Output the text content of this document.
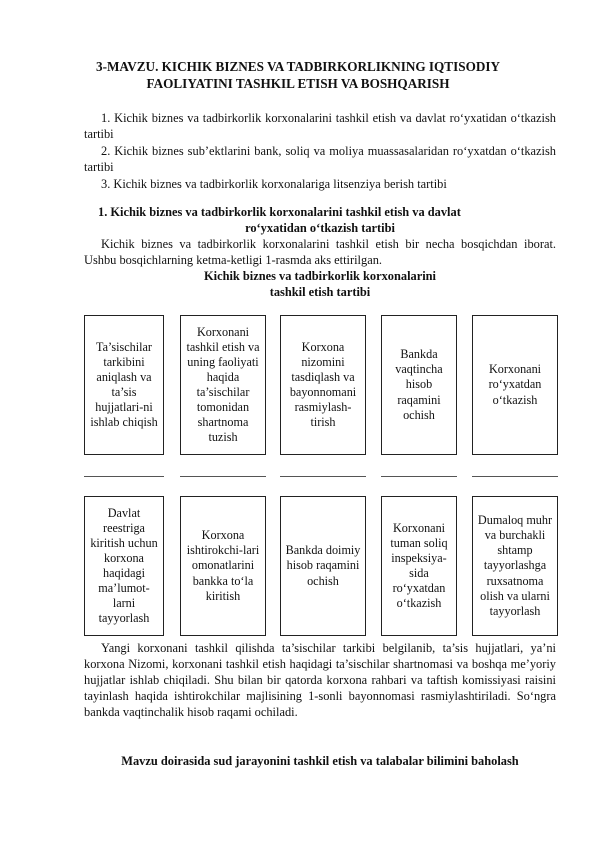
3-MAVZU. KICHIK BIZNES VA TADBIRKORLIKNING IQTISODIY
FAOLIYATINI TASHKIL ETISH VA BOSHQARISH
1. Kichik biznes va tadbirkorlik korxonalarini tashkil etish va davlat ro‘yxatidan o‘tkazish tartibi
2. Kichik biznes sub’ektlarini bank, soliq va moliya muassasalaridan ro‘yxatdan o‘tkazish tartibi
3. Kichik biznes va tadbirkorlik korxonalariga litsenziya berish tartibi
1. Kichik biznes va tadbirkorlik korxonalarini tashkil etish va davlat
ro‘yxatidan o‘tkazish tartibi
Kichik biznes va tadbirkorlik korxonalarini tashkil etish bir necha bosqichdan iborat. Ushbu bosqichlarning ketma-ketligi 1-rasmda aks ettirilgan.
Kichik biznes va tadbirkorlik korxonalarini
tashkil etish tartibi
Ta’sischilar tarkibini aniqlash va ta’sis hujjatlari-ni ishlab chiqish
Korxonani tashkil etish va uning faoliyati haqida ta’sischilar tomonidan shartnoma tuzish
Korxona nizomini tasdiqlash va bayonnomani rasmiylash-tirish
Bankda vaqtincha hisob raqamini ochish
Korxonani ro‘yxatdan o‘tkazish
Davlat reestriga kiritish uchun korxona haqidagi ma’lumot-larni tayyorlash
Korxona ishtirokchi-lari omonatlarini bankka to‘la kiritish
Bankda doimiy hisob raqamini ochish
Korxonani tuman soliq inspeksiya-sida ro‘yxatdan o‘tkazish
Dumaloq muhr va burchakli shtamp tayyorlashga ruxsatnoma olish va ularni tayyorlash
Yangi korxonani tashkil qilishda ta’sischilar tarkibi belgilanib, ta’sis hujjatlari, ya’ni korxona Nizomi, korxonani tashkil etish haqidagi ta’sischilar shartnomasi va boshqa me’yoriy hujjatlar ishlab chiqiladi. Shu bilan bir qatorda korxona rahbari va taftish komissiyasi raisini tayinlash haqida ishtirokchilar majlisining 1-sonli bayonnomasi rasmiylashtiriladi. So‘ngra bankda vaqtinchalik hisob raqami ochiladi.
Mavzu doirasida sud jarayonini tashkil etish va talabalar bilimini baholash
